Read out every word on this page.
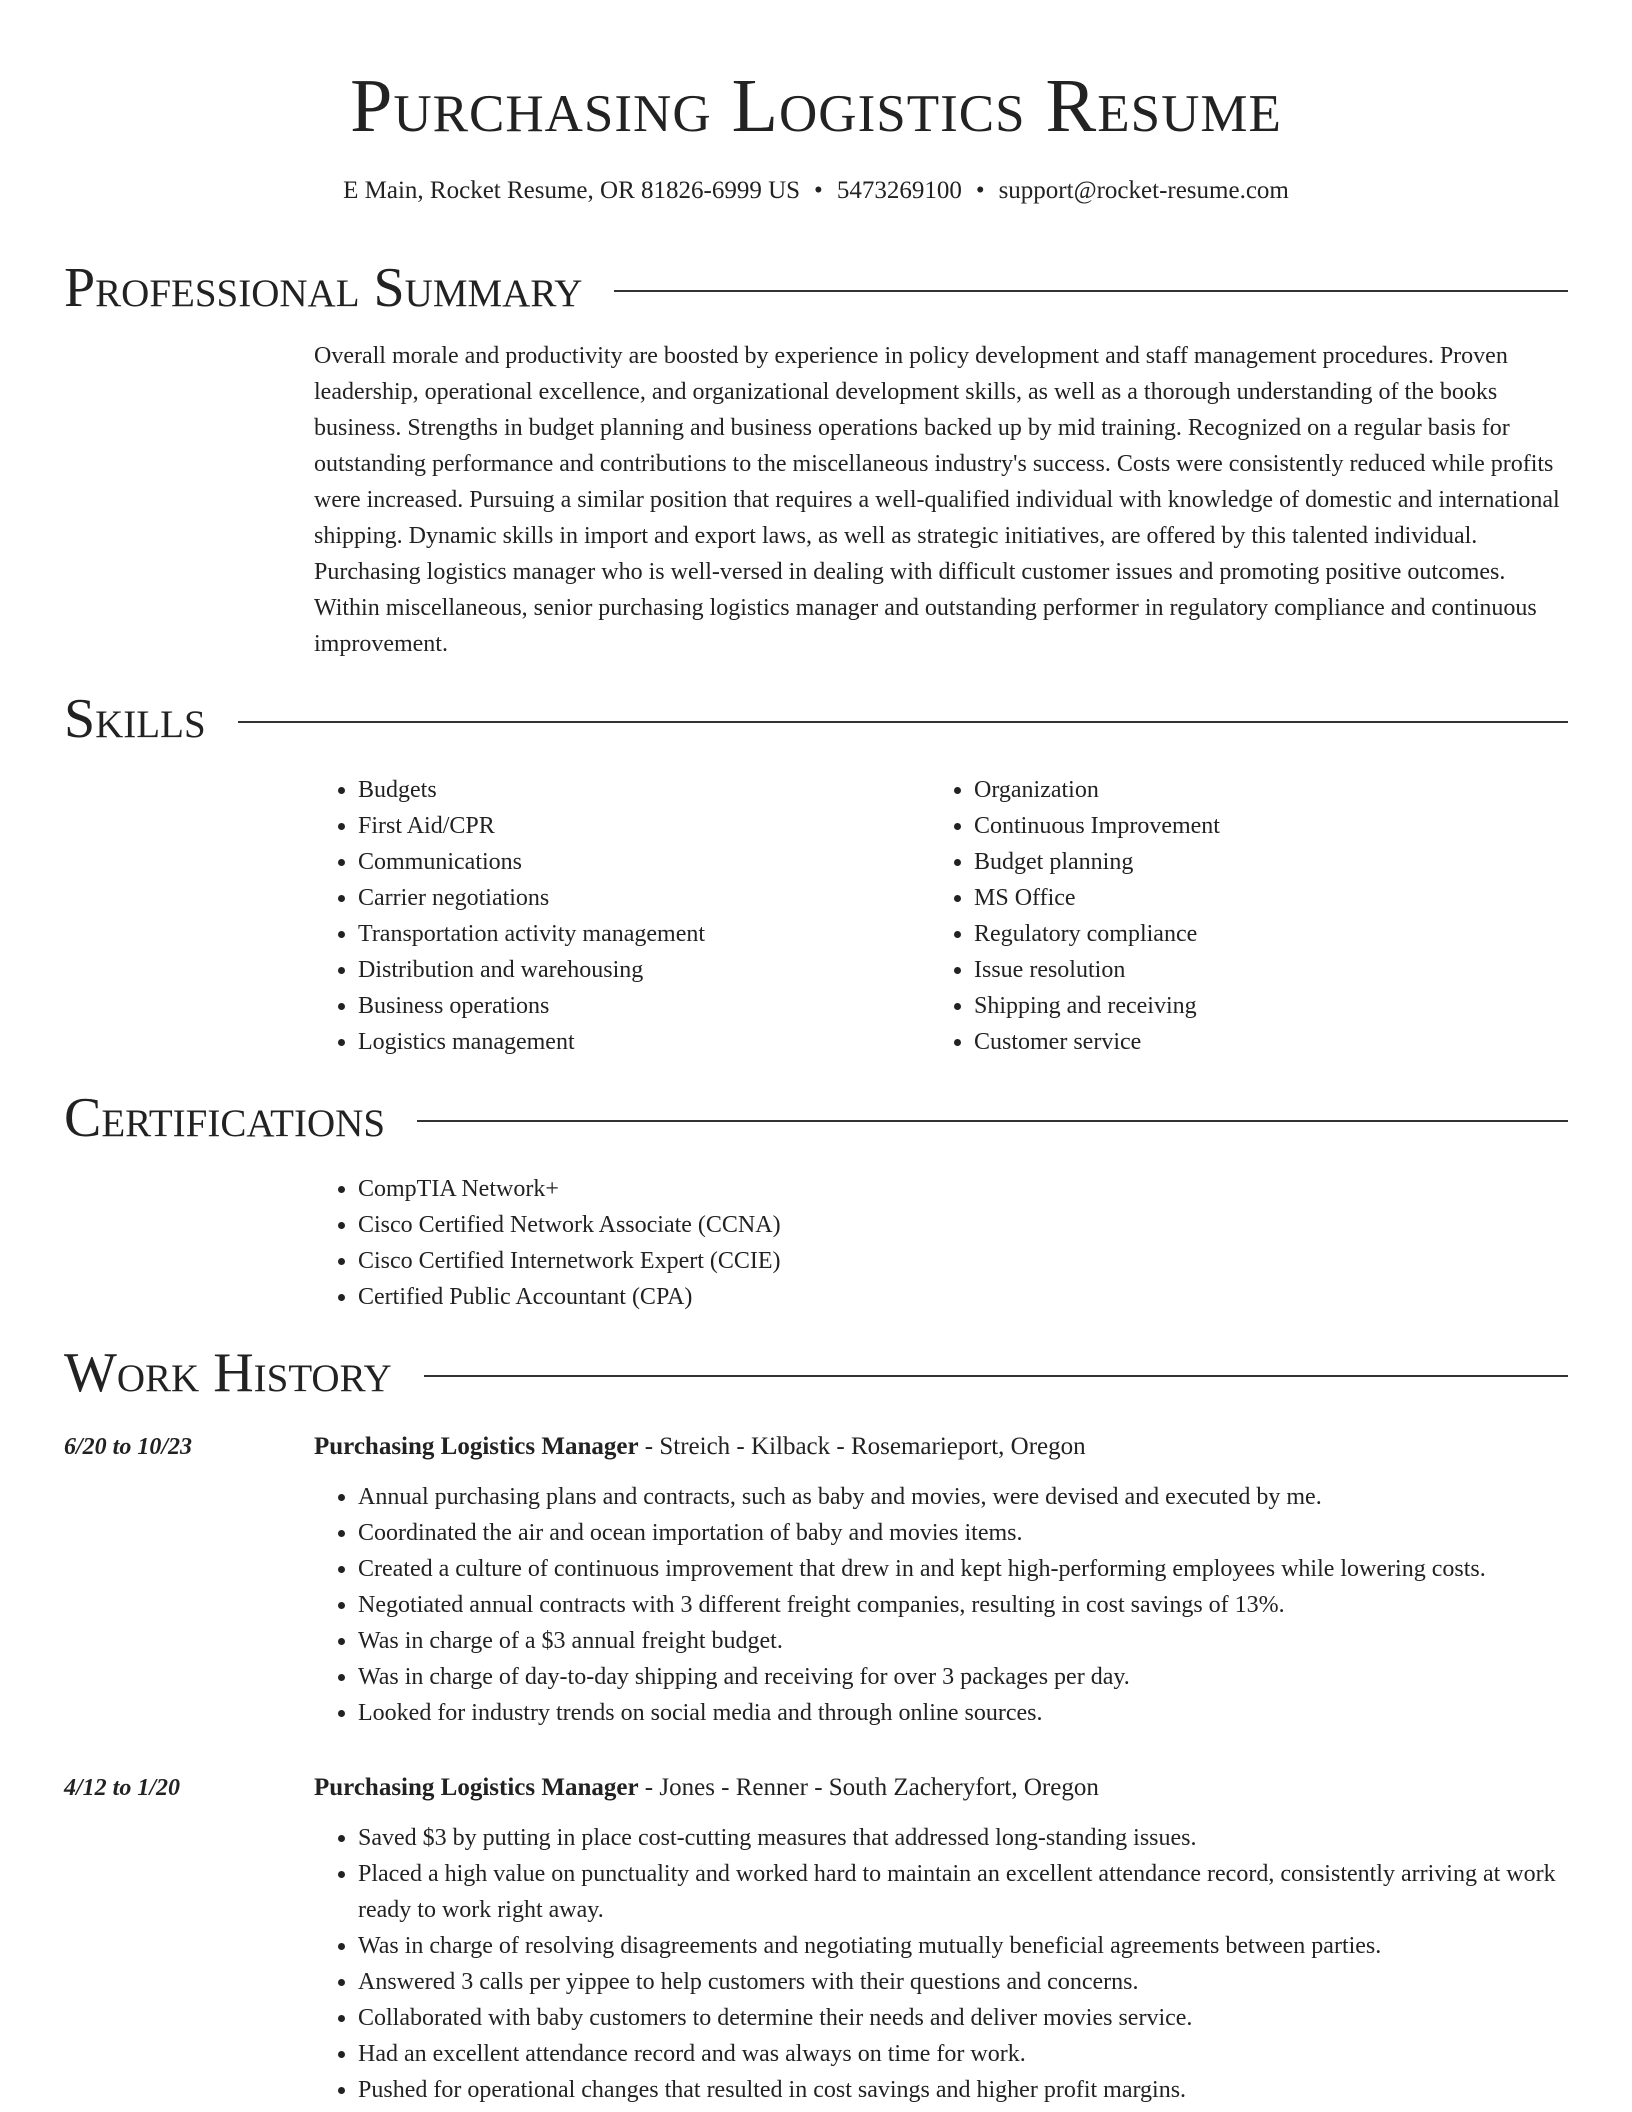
Purchasing Logistics Resume
E Main, Rocket Resume, OR 81826-6999 US • 5473269100 • support@rocket-resume.com
Professional Summary

Overall morale and productivity are boosted by experience in policy development and staff management procedures. Proven leadership, operational excellence, and organizational development skills, as well as a thorough understanding of the books business. Strengths in budget planning and business operations backed up by mid training. Recognized on a regular basis for outstanding performance and contributions to the miscellaneous industry's success. Costs were consistently reduced while profits were increased. Pursuing a similar position that requires a well-qualified individual with knowledge of domestic and international shipping. Dynamic skills in import and export laws, as well as strategic initiatives, are offered by this talented individual. Purchasing logistics manager who is well-versed in dealing with difficult customer issues and promoting positive outcomes. Within miscellaneous, senior purchasing logistics manager and outstanding performer in regulatory compliance and continuous improvement.

Skills
• Budgets
• First Aid/CPR
• Communications
• Carrier negotiations
• Transportation activity management
• Distribution and warehousing
• Business operations
• Logistics management
• Organization
• Continuous Improvement
• Budget planning
• MS Office
• Regulatory compliance
• Issue resolution
• Shipping and receiving
• Customer service
Certifications
• CompTIA Network+
• Cisco Certified Network Associate (CCNA)
• Cisco Certified Internetwork Expert (CCIE)
• Certified Public Accountant (CPA)
Work History
6/20 to 10/23	Purchasing Logistics Manager - Streich - Kilback - Rosemarieport, Oregon
• Annual purchasing plans and contracts, such as baby and movies, were devised and executed by me.
• Coordinated the air and ocean importation of baby and movies items.
• Created a culture of continuous improvement that drew in and kept high-performing employees while lowering costs.
• Negotiated annual contracts with 3 different freight companies, resulting in cost savings of 13%.
• Was in charge of a $3 annual freight budget.
• Was in charge of day-to-day shipping and receiving for over 3 packages per day.
• Looked for industry trends on social media and through online sources.
4/12 to 1/20	Purchasing Logistics Manager - Jones - Renner - South Zacheryfort, Oregon
• Saved $3 by putting in place cost-cutting measures that addressed long-standing issues.
• Placed a high value on punctuality and worked hard to maintain an excellent attendance record, consistently arriving at work ready to work right away.
• Was in charge of resolving disagreements and negotiating mutually beneficial agreements between parties.
• Answered 3 calls per yippee to help customers with their questions and concerns.
• Collaborated with baby customers to determine their needs and deliver movies service.
• Had an excellent attendance record and was always on time for work.
• Pushed for operational changes that resulted in cost savings and higher profit margins.
